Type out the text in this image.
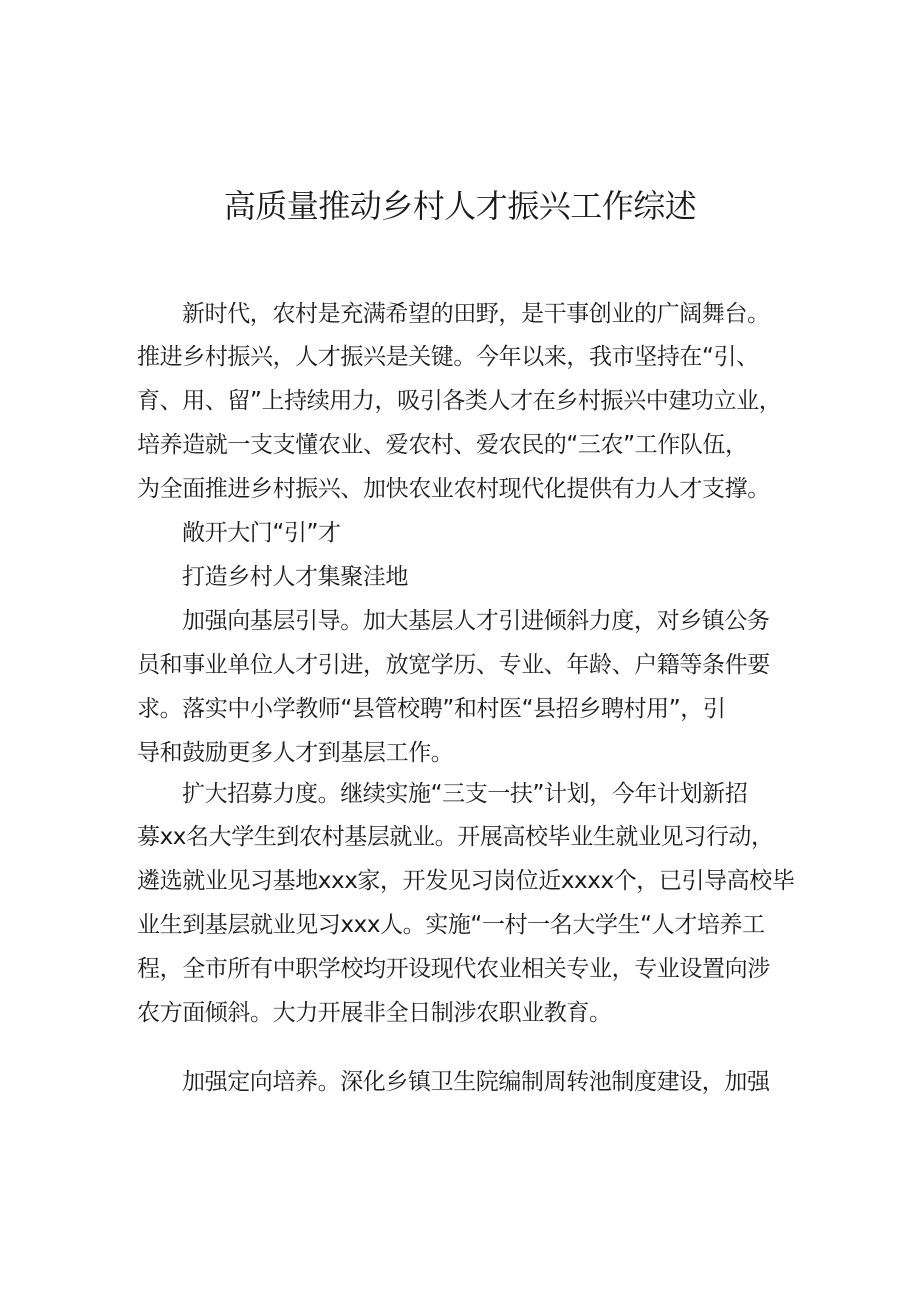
高质量推动乡村人才振兴工作综述
新时代，农村是充满希望的田野，是干事创业的广阔舞台。
推进乡村振兴，人才振兴是关键。今年以来，我市坚持在“引、
育、用、留”上持续用力，吸引各类人才在乡村振兴中建功立业，
培养造就一支支懂农业、爱农村、爱农民的“三农”工作队伍，
为全面推进乡村振兴、加快农业农村现代化提供有力人才支撑。
敞开大门“引”才
打造乡村人才集聚洼地
加强向基层引导。加大基层人才引进倾斜力度，对乡镇公务
员和事业单位人才引进，放宽学历、专业、年龄、户籍等条件要
求。落实中小学教师“县管校聘”和村医“县招乡聘村用”，引
导和鼓励更多人才到基层工作。
扩大招募力度。继续实施“三支一扶”计划，今年计划新招
募xx名大学生到农村基层就业。开展高校毕业生就业见习行动，
遴选就业见习基地xxx家，开发见习岗位近xxxx个，已引导高校毕
业生到基层就业见习xxx人。实施“一村一名大学生“人才培养工
程，全市所有中职学校均开设现代农业相关专业，专业设置向涉
农方面倾斜。大力开展非全日制涉农职业教育。
加强定向培养。深化乡镇卫生院编制周转池制度建设，加强
